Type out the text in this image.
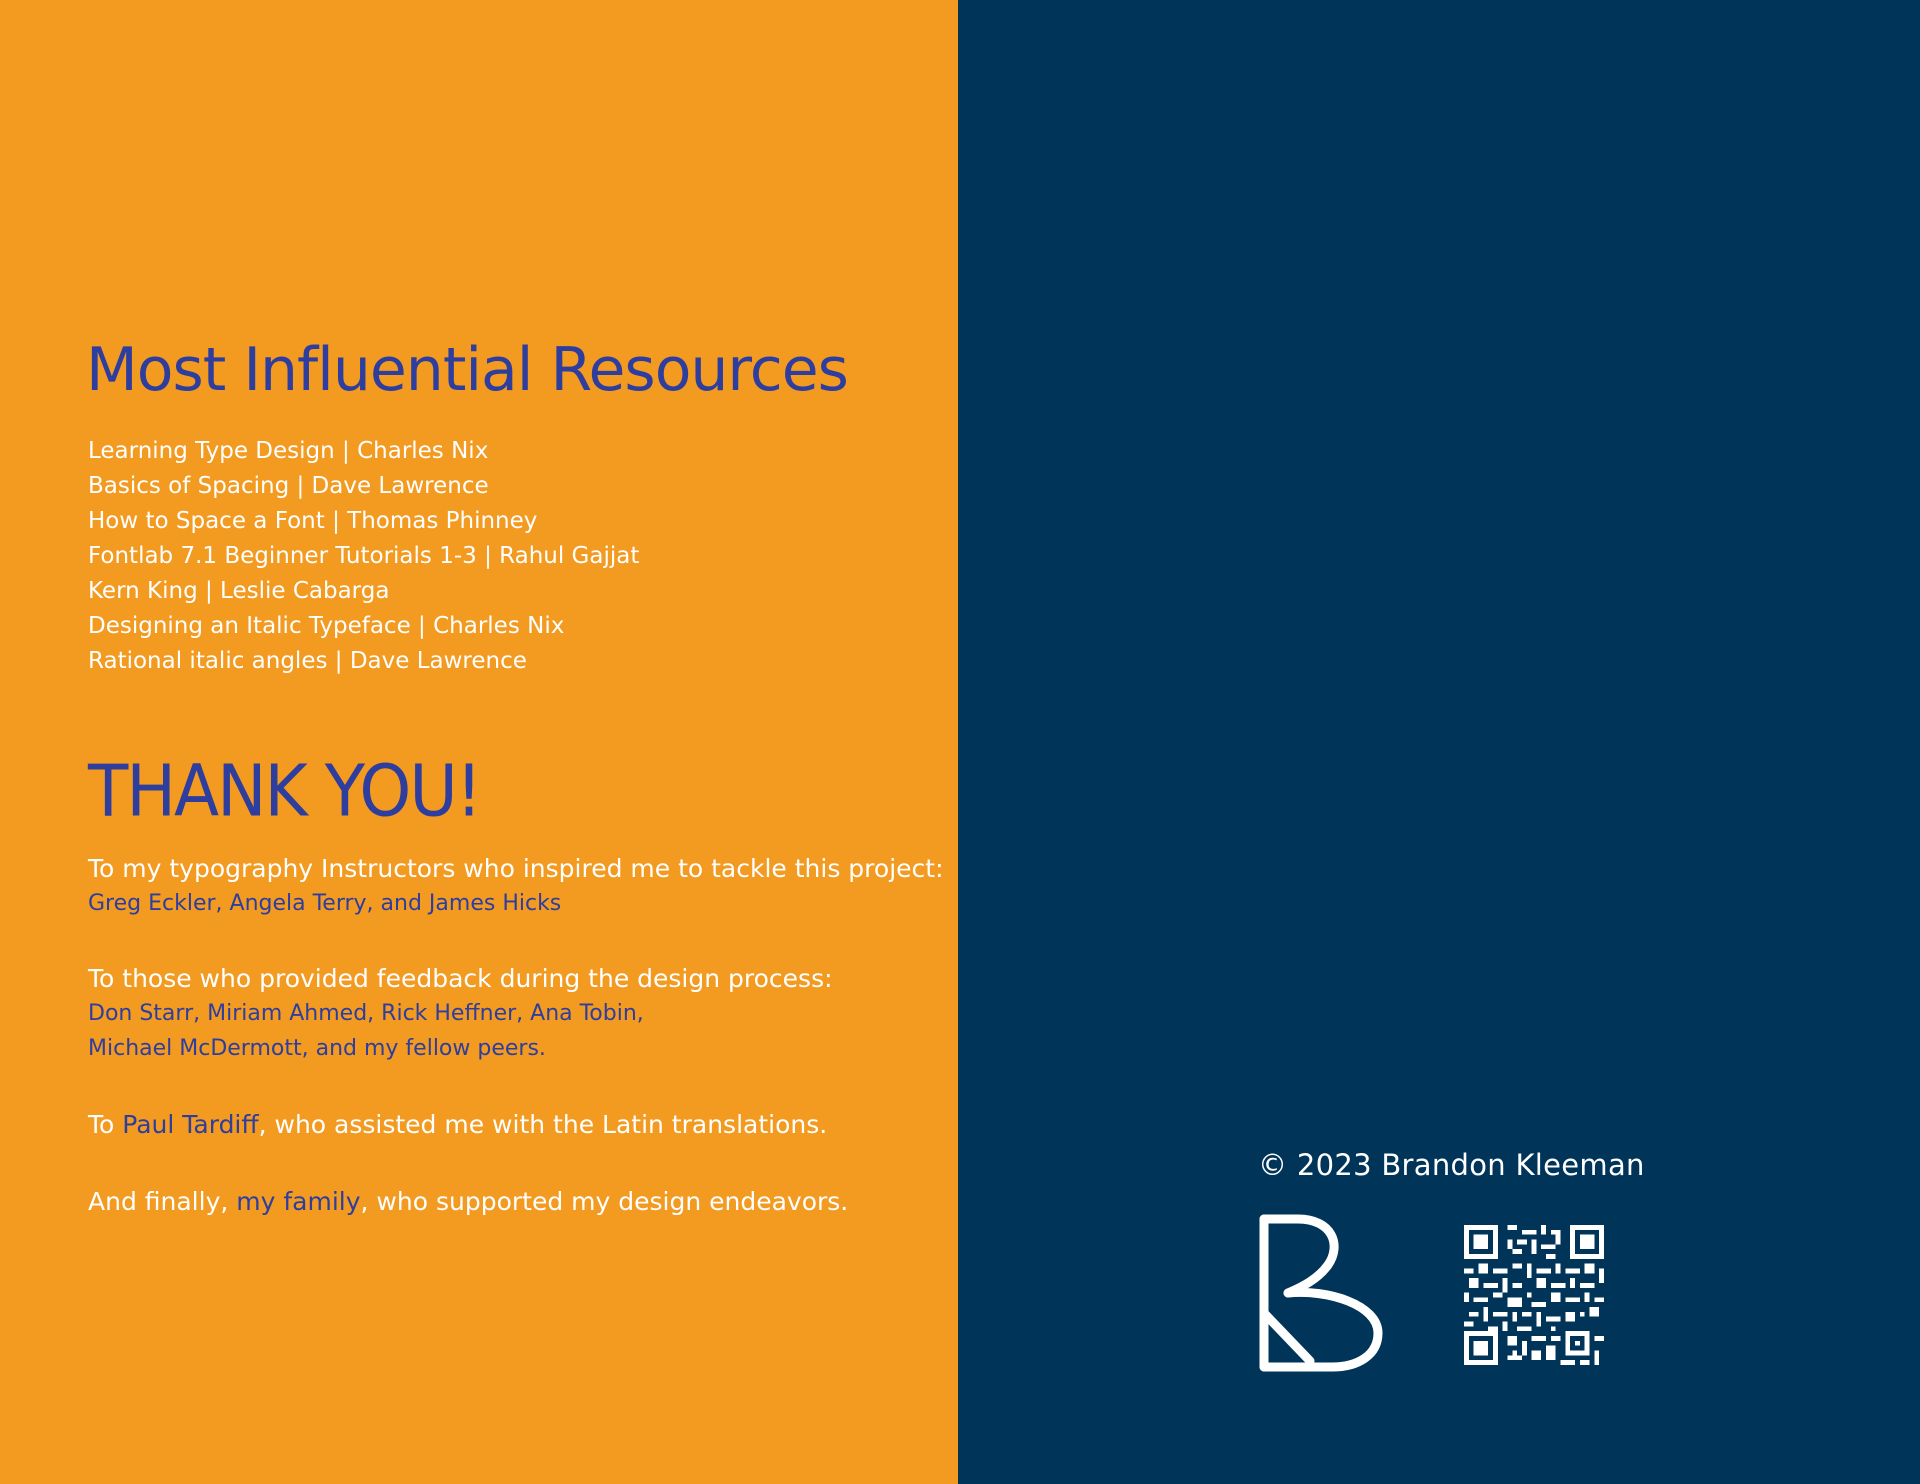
Most Influential Resources
Learning Type Design | Charles Nix
Basics of Spacing | Dave Lawrence
How to Space a Font | Thomas Phinney
Fontlab 7.1 Beginner Tutorials 1-3 | Rahul Gajjat
Kern King | Leslie Cabarga
Designing an Italic Typeface | Charles Nix
Rational italic angles | Dave Lawrence
THANK YOU!
To my typography Instructors who inspired me to tackle this project:
Greg Eckler, Angela Terry, and James Hicks
To those who provided feedback during the design process:
Don Starr, Miriam Ahmed, Rick Heffner, Ana Tobin,
Michael McDermott, and my fellow peers.
To Paul Tardiff, who assisted me with the Latin translations.
And finally, my family, who supported my design endeavors.

© 2023 Brandon Kleeman
